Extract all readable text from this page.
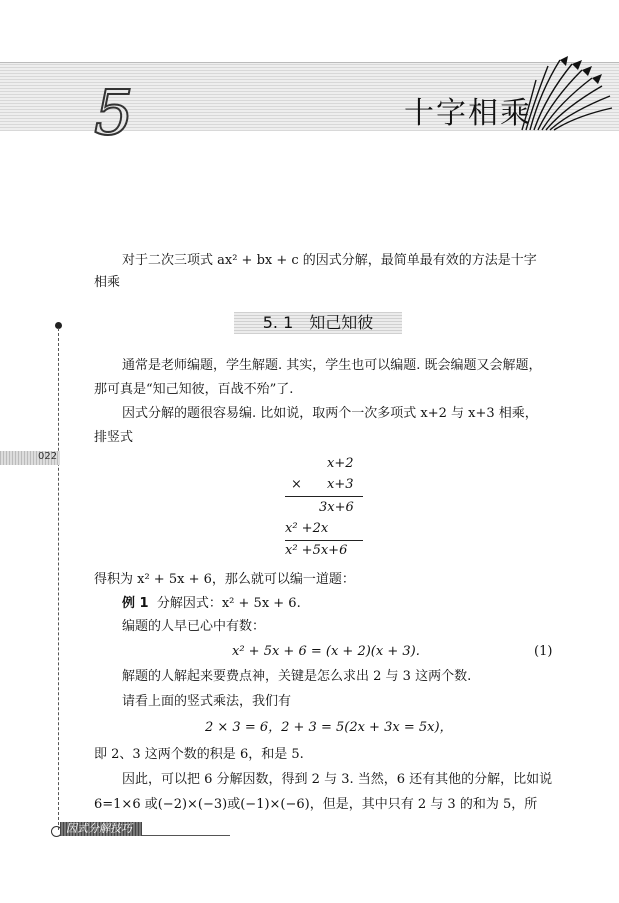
5	十字相乘
022
对于二次三项式 ax² + bx + c 的因式分解，最简单最有效的方法是十字
相乘
5. 1　知己知彼
通常是老师编题，学生解题. 其实，学生也可以编题. 既会编题又会解题，
那可真是“知己知彼，百战不殆”了.
因式分解的题很容易编. 比如说，取两个一次多项式 x+2 与 x+3 相乘，
排竖式
x+2
× x+3
3x+6
x² +2x
x² +5x+6
得积为 x² + 5x + 6，那么就可以编一道题：
例 1 分解因式：x² + 5x + 6.
编题的人早已心中有数：
x² + 5x + 6 = (x + 2)(x + 3).	(1)
解题的人解起来要费点神，关键是怎么求出 2 与 3 这两个数.
请看上面的竖式乘法，我们有
2 × 3 = 6，2 + 3 = 5(2x + 3x = 5x)，
即 2、3 这两个数的积是 6，和是 5.
因此，可以把 6 分解因数，得到 2 与 3. 当然，6 还有其他的分解，比如说
6=1×6 或(−2)×(−3)或(−1)×(−6)，但是，其中只有 2 与 3 的和为 5，所
因式分解技巧
